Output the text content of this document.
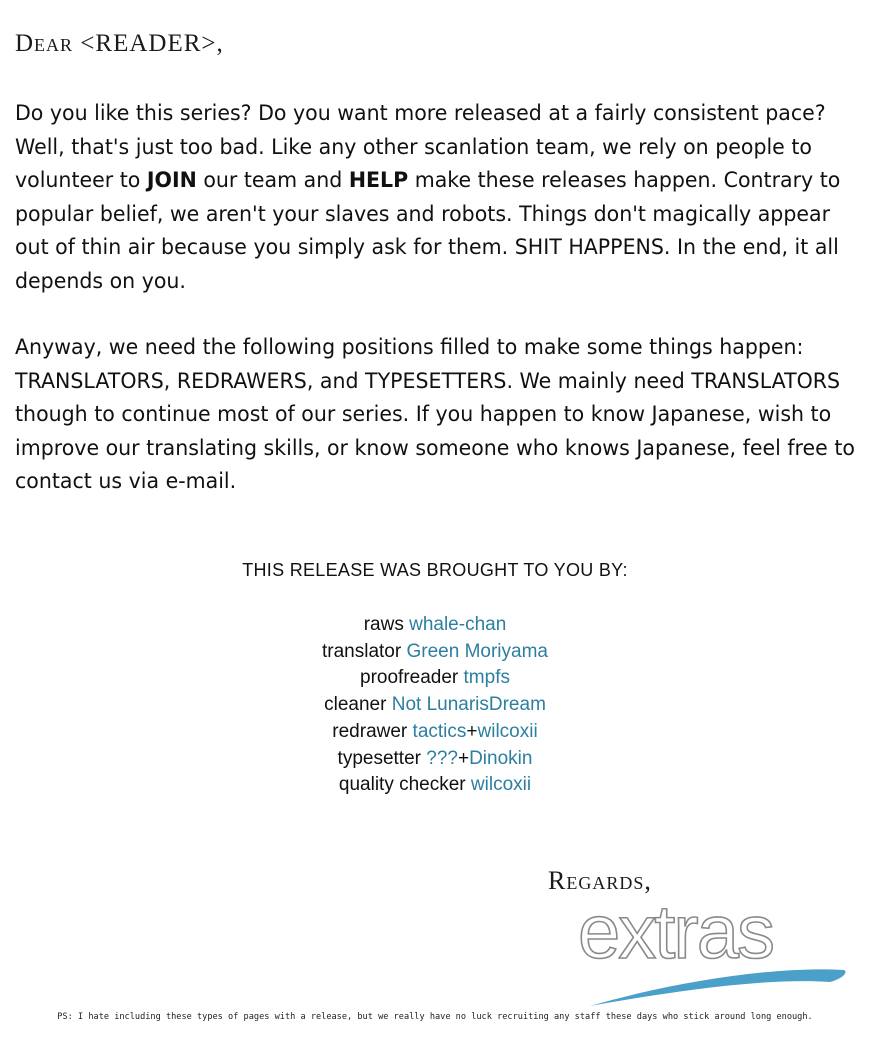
Dear <READER>,

Do you like this series? Do you want more released at a fairly consistent pace? Well, that's just too bad. Like any other scanlation team, we rely on people to volunteer to JOIN our team and HELP make these releases happen. Contrary to popular belief, we aren't your slaves and robots. Things don't magically appear out of thin air because you simply ask for them. SHIT HAPPENS. In the end, it all depends on you.

Anyway, we need the following positions filled to make some things happen: TRANSLATORS, REDRAWERS, and TYPESETTERS. We mainly need TRANSLATORS though to continue most of our series. If you happen to know Japanese, wish to improve our translating skills, or know someone who knows Japanese, feel free to contact us via e-mail.

THIS RELEASE WAS BROUGHT TO YOU BY:
raws whale-chan
translator Green Moriyama
proofreader tmpfs
cleaner Not LunarisDream
redrawer tactics+wilcoxii
typesetter ???+Dinokin
quality checker wilcoxii
Regards,
extras
PS: I hate including these types of pages with a release, but we really have no luck recruiting any staff these days who stick around long enough.
